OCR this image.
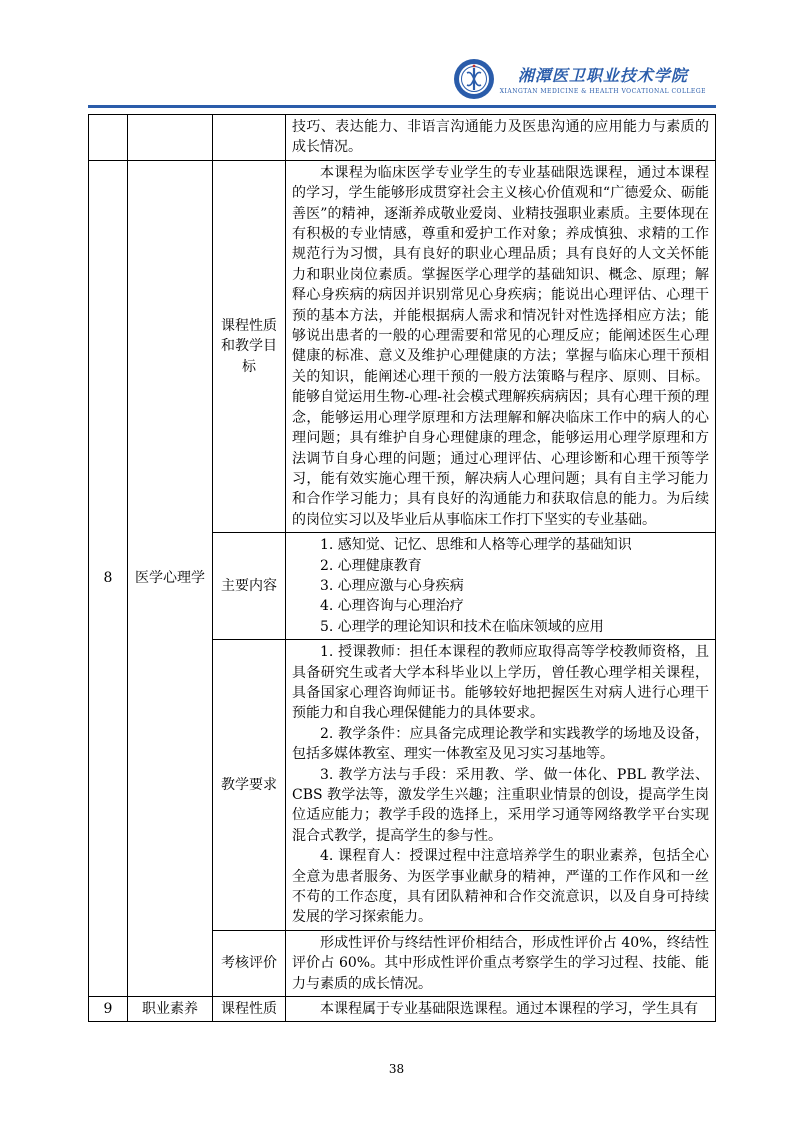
湘潭医卫职业技术学院
XIANGTAN MEDICINE & HEALTH VOCATIONAL COLLEGE

			技巧、表达能力、非语言沟通能力及医患沟通的应用能力与素质的成长情况。

8	医学心理学	课程性质和教学目标	本课程为临床医学专业学生的专业基础限选课程，通过本课程的学习，学生能够形成贯穿社会主义核心价值观和“广德爱众、砺能善医”的精神，逐渐养成敬业爱岗、业精技强职业素质。主要体现在有积极的专业情感，尊重和爱护工作对象；养成慎独、求精的工作规范行为习惯，具有良好的职业心理品质；具有良好的人文关怀能力和职业岗位素质。掌握医学心理学的基础知识、概念、原理；解释心身疾病的病因并识别常见心身疾病；能说出心理评估、心理干预的基本方法，并能根据病人需求和情况针对性选择相应方法；能够说出患者的一般的心理需要和常见的心理反应；能阐述医生心理健康的标准、意义及维护心理健康的方法；掌握与临床心理干预相关的知识，能阐述心理干预的一般方法策略与程序、原则、目标。能够自觉运用生物-心理-社会模式理解疾病病因；具有心理干预的理念，能够运用心理学原理和方法理解和解决临床工作中的病人的心理问题；具有维护自身心理健康的理念，能够运用心理学原理和方法调节自身心理的问题；通过心理评估、心理诊断和心理干预等学习，能有效实施心理干预，解决病人心理问题；具有自主学习能力和合作学习能力；具有良好的沟通能力和获取信息的能力。为后续的岗位实习以及毕业后从事临床工作打下坚实的专业基础。

		主要内容	1. 感知觉、记忆、思维和人格等心理学的基础知识

2. 心理健康教育

3. 心理应激与心身疾病

4. 心理咨询与心理治疗

5. 心理学的理论知识和技术在临床领域的应用

		教学要求	1. 授课教师：担任本课程的教师应取得高等学校教师资格，且具备研究生或者大学本科毕业以上学历，曾任教心理学相关课程，具备国家心理咨询师证书。能够较好地把握医生对病人进行心理干预能力和自我心理保健能力的具体要求。

2. 教学条件：应具备完成理论教学和实践教学的场地及设备，包括多媒体教室、理实一体教室及见习实习基地等。

3. 教学方法与手段：采用教、学、做一体化、PBL 教学法、CBS 教学法等，激发学生兴趣；注重职业情景的创设，提高学生岗位适应能力；教学手段的选择上，采用学习通等网络教学平台实现混合式教学，提高学生的参与性。

4. 课程育人：授课过程中注意培养学生的职业素养，包括全心全意为患者服务、为医学事业献身的精神，严谨的工作作风和一丝不苟的工作态度，具有团队精神和合作交流意识，以及自身可持续发展的学习探索能力。

		考核评价	形成性评价与终结性评价相结合，形成性评价占 40%，终结性评价占 60%。其中形成性评价重点考察学生的学习过程、技能、能力与素质的成长情况。

9	职业素养	课程性质	本课程属于专业基础限选课程。通过本课程的学习，学生具有

38
